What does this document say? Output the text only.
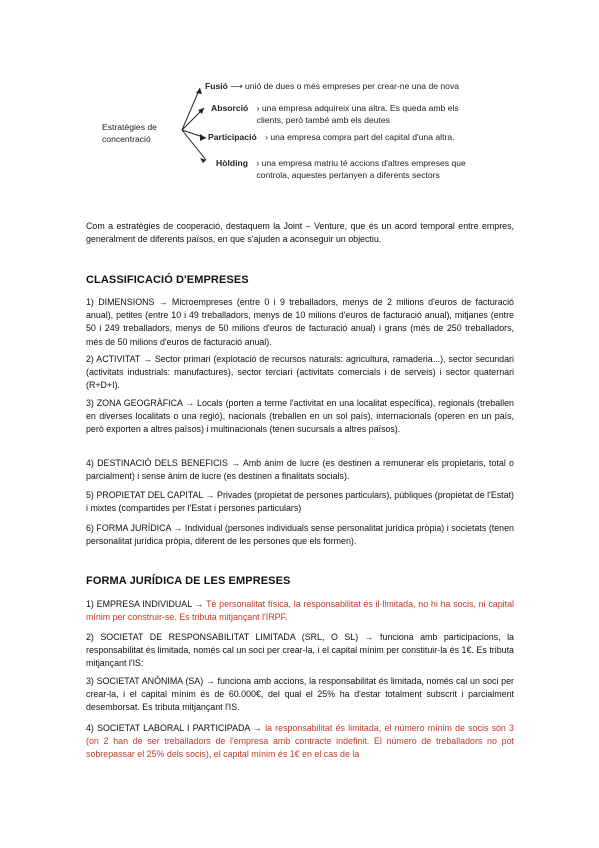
Estratègies de concentració
Fusió ⟶ unió de dues o més empreses per crear-ne una de nova
Absorció › una empresa adquireix una altra. Es queda amb els clients, però també amb els deutes
Participació › una empresa compra part del capital d'una altra.
Hòlding › una empresa matriu té accions d'altres empreses que controla, aquestes pertanyen a diferents sectors
Com a estratègies de cooperació, destaquem la Joint – Venture, que és un acord temporal entre empres, generalment de diferents països, en que s'ajuden a aconseguir un objectiu.
CLASSIFICACIÓ D'EMPRESES
1) DIMENSIONS → Microempreses (entre 0 i 9 treballadors, menys de 2 milions d'euros de facturació anual), petites (entre 10 i 49 treballadors, menys de 10 milions d'euros de facturació anual), mitjanes (entre 50 i 249 treballadors, menys de 50 milions d'euros de facturació anual) i grans (més de 250 treballadors, més de 50 milions d'euros de facturació anual).
2) ACTIVITAT → Sector primari (explotació de recursos naturals: agricultura, ramaderia...), sector secundari (activitats industrials: manufactures), sector terciari (activitats comercials i de serveis) i sector quaternari (R+D+I).
3) ZONA GEOGRÀFICA → Locals (porten a terme l'activitat en una localitat específica), regionals (treballen en diverses localitats o una regió), nacionals (treballen en un sol país), internacionals (operen en un país, però exporten a altres països) i multinacionals (tenen sucursals a altres països).
4) DESTINACIÓ DELS BENEFICIS → Amb ànim de lucre (es destinen a remunerar els propietaris, total o parcialment) i sense ànim de lucre (es destinen a finalitats socials).
5) PROPIETAT DEL CAPITAL → Privades (propietat de persones particulars), públiques (propietat de l'Estat) i mixtes (compartides per l'Estat i persones particulars)
6) FORMA JURÍDICA → Individual (persones individuals sense personalitat jurídica pròpia) i societats (tenen personalitat jurídica pròpia, diferent de les persones que els formen).
FORMA JURÍDICA DE LES EMPRESES
1) EMPRESA INDIVIDUAL → Té personalitat física, la responsabilitat és il·limitada, no hi ha socis, ni capital mínim per construir-se. Es tributa mitjançant l'IRPF.
2) SOCIETAT DE RESPONSABILITAT LIMITADA (SRL, O SL) → funciona amb participacions, la responsabilitat és limitada, només cal un soci per crear-la, i el capital mínim per constituir-la és 1€. Es tributa mitjançant l'IS:
3) SOCIETAT ANÒNIMA (SA) → funciona amb accions, la responsabilitat és limitada, només cal un soci per crear-la, i el capital mínim és de 60.000€, del qual el 25% ha d'estar totalment subscrit i parcialment desemborsat. Es tributa mitjançant l'IS.
4) SOCIETAT LABORAL I PARTICIPADA → la responsabilitat és limitada, el número mínim de socis són 3 (on 2 han de ser treballadors de l'empresa amb contracte indefinit. El número de treballadors no pot sobrepassar el 25% dels socis), el capital mínim és 1€ en el cas de la
